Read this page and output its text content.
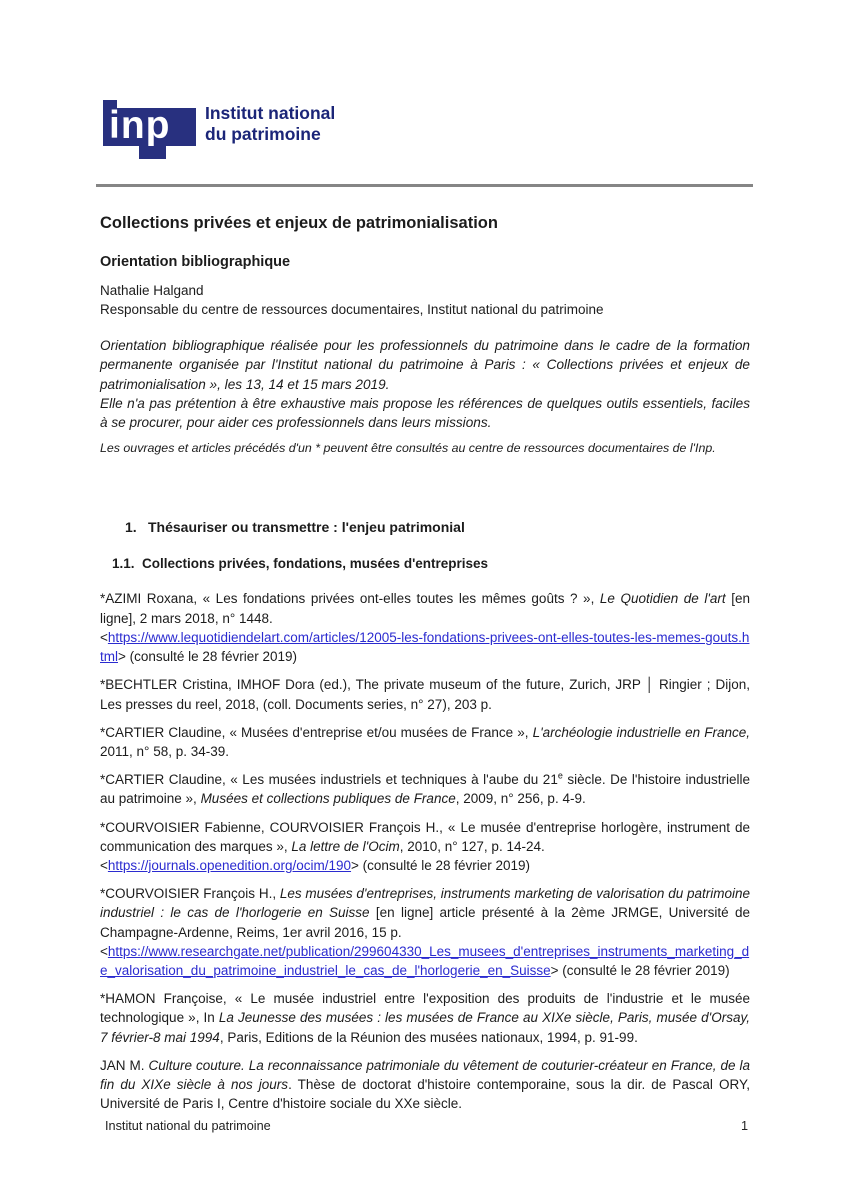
inp Institut national
du patrimoine
Collections privées et enjeux de patrimonialisation
Orientation bibliographique
Nathalie Halgand
Responsable du centre de ressources documentaires, Institut national du patrimoine

Orientation bibliographique réalisée pour les professionnels du patrimoine dans le cadre de la formation permanente organisée par l'Institut national du patrimoine à Paris : « Collections privées et enjeux de patrimonialisation », les 13, 14 et 15 mars 2019.

Elle n'a pas prétention à être exhaustive mais propose les références de quelques outils essentiels, faciles à se procurer, pour aider ces professionnels dans leurs missions.

Les ouvrages et articles précédés d'un * peuvent être consultés au centre de ressources documentaires de l'Inp.
1. Thésauriser ou transmettre : l'enjeu patrimonial
1.1. Collections privées, fondations, musées d'entreprises

*AZIMI Roxana, « Les fondations privées ont-elles toutes les mêmes goûts ? », Le Quotidien de l'art [en ligne], 2 mars 2018, n° 1448.
<https://www.lequotidiendelart.com/articles/12005-les-fondations-privees-ont-elles-toutes-les-memes-gouts.html> (consulté le 28 février 2019)

*BECHTLER Cristina, IMHOF Dora (ed.), The private museum of the future, Zurich, JRP │ Ringier ; Dijon, Les presses du reel, 2018, (coll. Documents series, n° 27), 203 p.

*CARTIER Claudine, « Musées d'entreprise et/ou musées de France », L'archéologie industrielle en France, 2011, n° 58, p. 34-39.

*CARTIER Claudine, « Les musées industriels et techniques à l'aube du 21e siècle. De l'histoire industrielle au patrimoine », Musées et collections publiques de France, 2009, n° 256, p. 4-9.

*COURVOISIER Fabienne, COURVOISIER François H., « Le musée d'entreprise horlogère, instrument de communication des marques », La lettre de l'Ocim, 2010, n° 127, p. 14-24.
<https://journals.openedition.org/ocim/190> (consulté le 28 février 2019)

*COURVOISIER François H., Les musées d'entreprises, instruments marketing de valorisation du patrimoine industriel : le cas de l'horlogerie en Suisse [en ligne] article présenté à la 2ème JRMGE, Université de Champagne-Ardenne, Reims, 1er avril 2016, 15 p.
<https://www.researchgate.net/publication/299604330_Les_musees_d'entreprises_instruments_marketing_de_valorisation_du_patrimoine_industriel_le_cas_de_l'horlogerie_en_Suisse> (consulté le 28 février 2019)

*HAMON Françoise, « Le musée industriel entre l'exposition des produits de l'industrie et le musée technologique », In La Jeunesse des musées : les musées de France au XIXe siècle, Paris, musée d'Orsay, 7 février-8 mai 1994, Paris, Editions de la Réunion des musées nationaux, 1994, p. 91-99.

JAN M. Culture couture. La reconnaissance patrimoniale du vêtement de couturier-créateur en France, de la fin du XIXe siècle à nos jours. Thèse de doctorat d'histoire contemporaine, sous la dir. de Pascal ORY, Université de Paris I, Centre d'histoire sociale du XXe siècle.

Institut national du patrimoine	1
